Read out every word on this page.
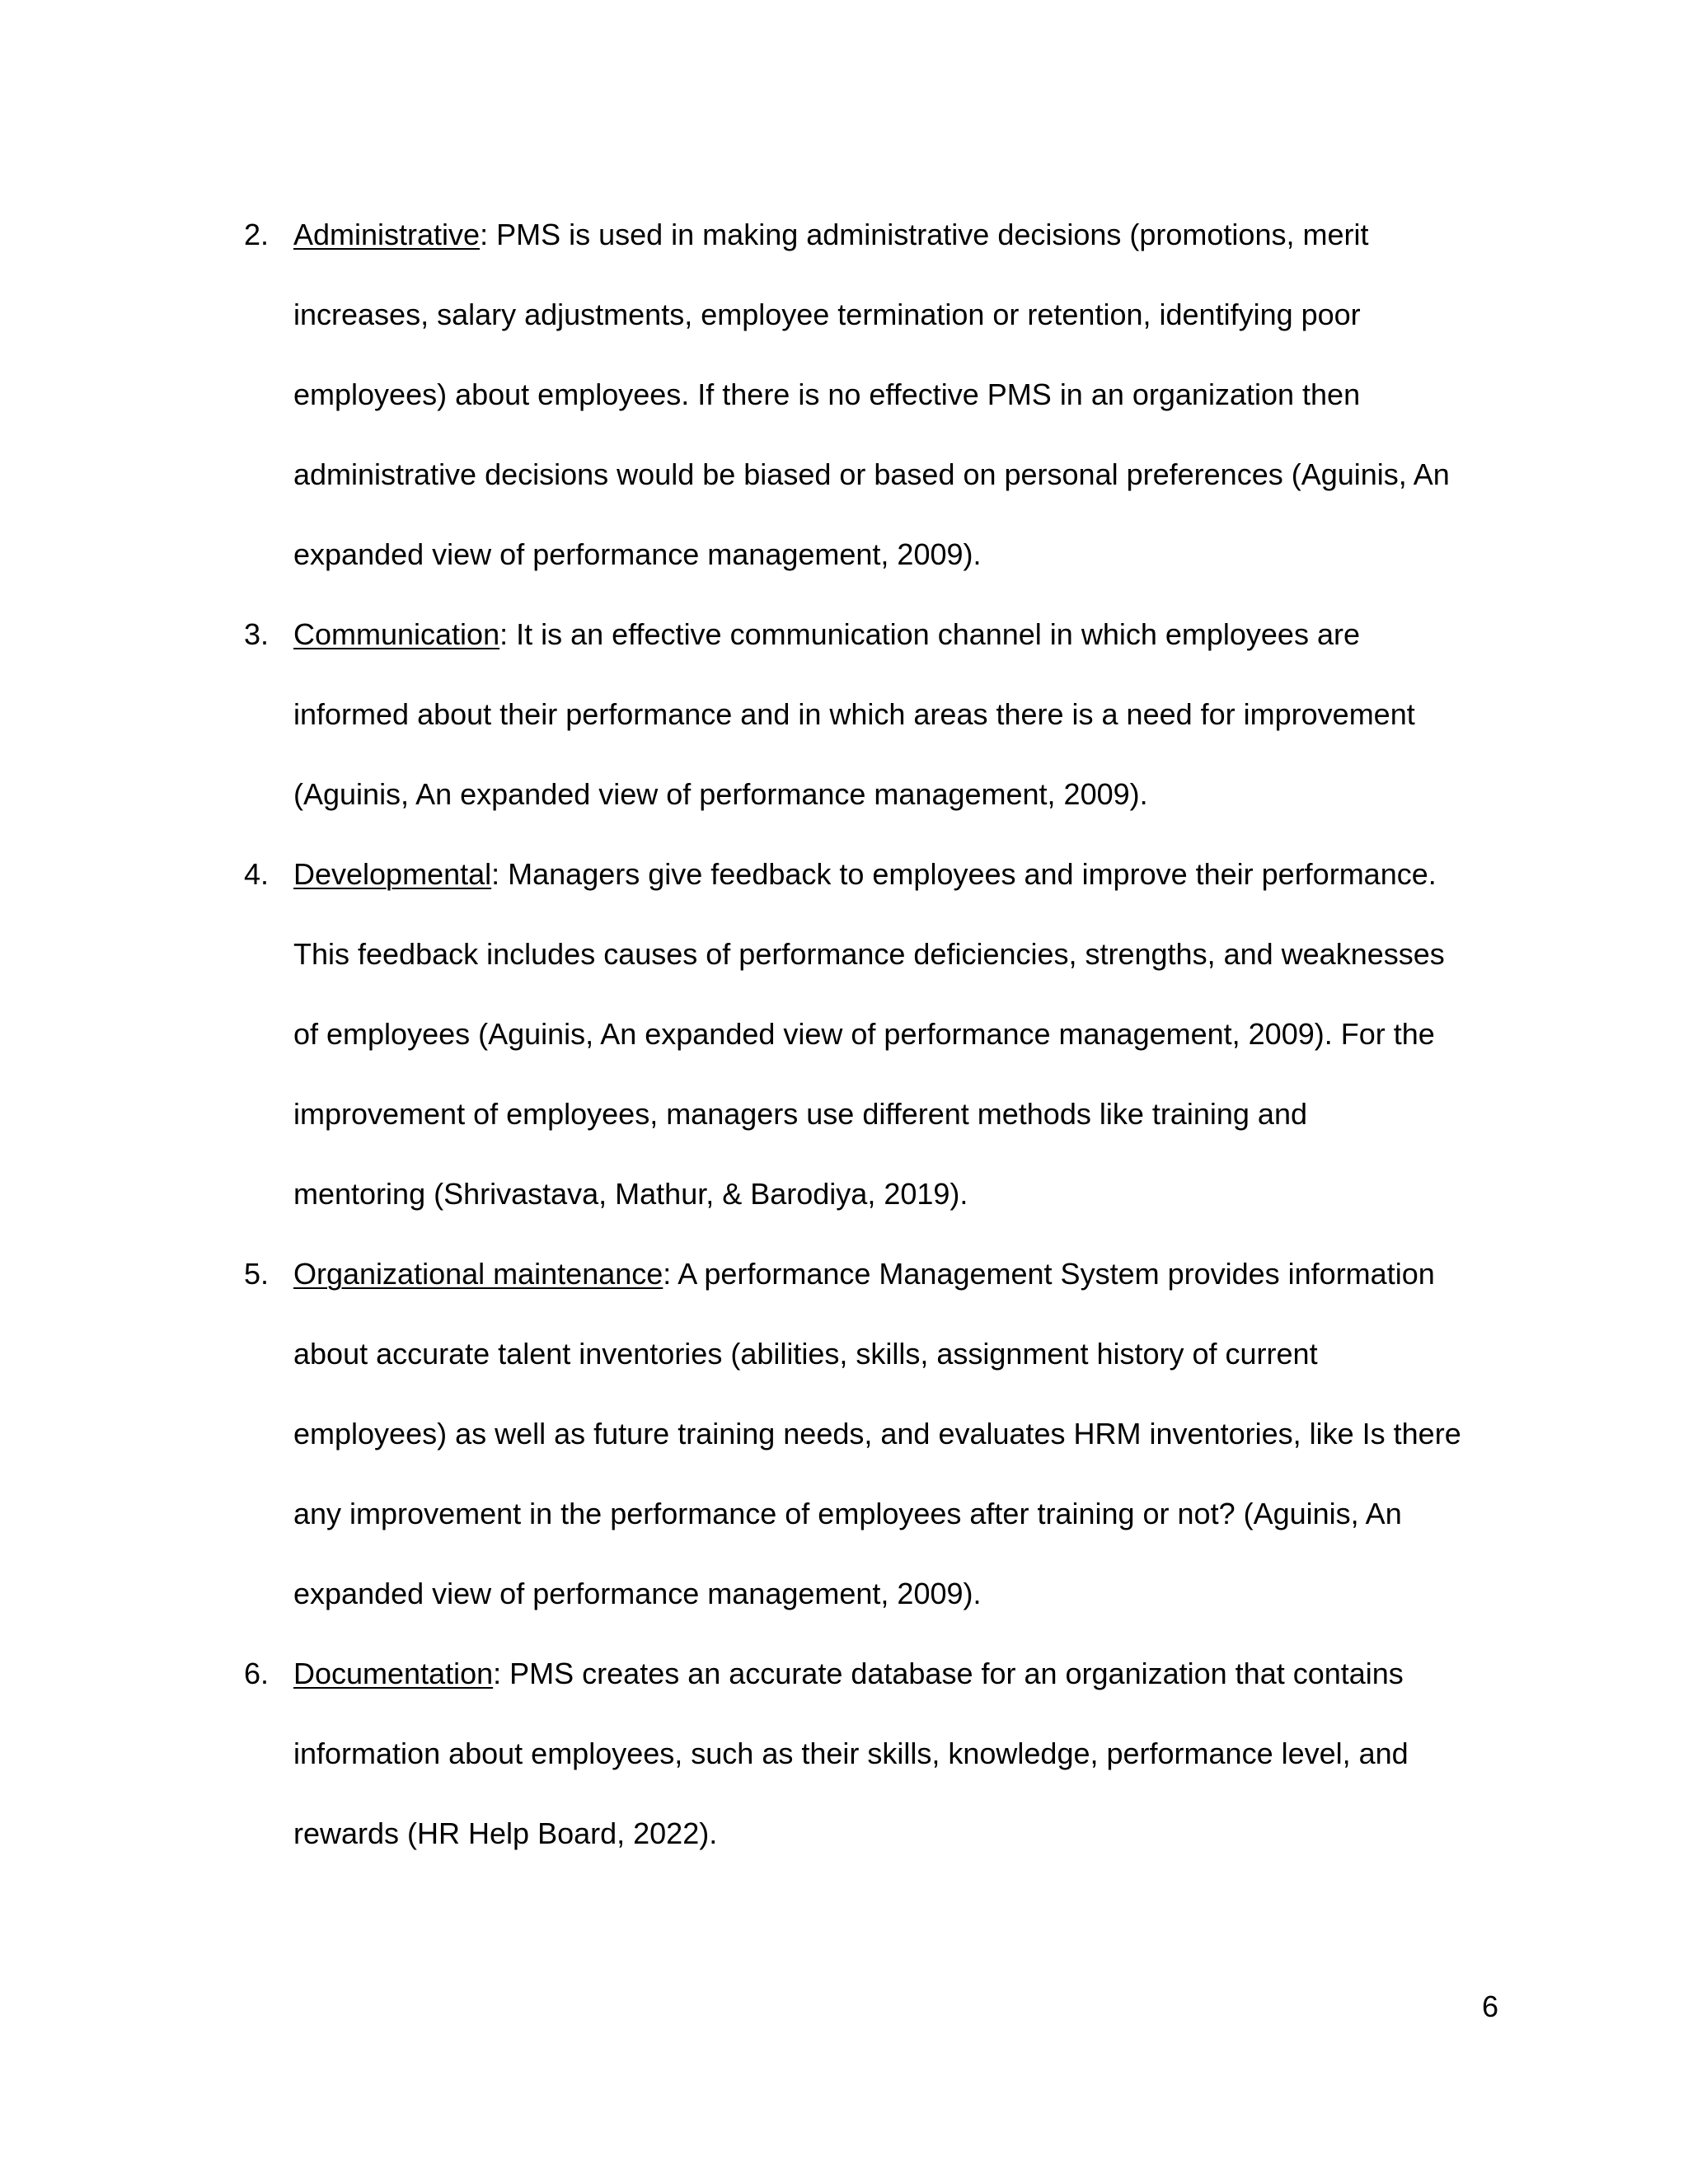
2. Administrative: PMS is used in making administrative decisions (promotions, merit
increases, salary adjustments, employee termination or retention, identifying poor
employees) about employees. If there is no effective PMS in an organization then
administrative decisions would be biased or based on personal preferences (Aguinis, An
expanded view of performance management, 2009).
3. Communication: It is an effective communication channel in which employees are
informed about their performance and in which areas there is a need for improvement
(Aguinis, An expanded view of performance management, 2009).
4. Developmental: Managers give feedback to employees and improve their performance.
This feedback includes causes of performance deficiencies, strengths, and weaknesses
of employees (Aguinis, An expanded view of performance management, 2009). For the
improvement of employees, managers use different methods like training and
mentoring (Shrivastava, Mathur, & Barodiya, 2019).
5. Organizational maintenance: A performance Management System provides information
about accurate talent inventories (abilities, skills, assignment history of current
employees) as well as future training needs, and evaluates HRM inventories, like Is there
any improvement in the performance of employees after training or not? (Aguinis, An
expanded view of performance management, 2009).
6. Documentation: PMS creates an accurate database for an organization that contains
information about employees, such as their skills, knowledge, performance level, and
rewards (HR Help Board, 2022).
6
